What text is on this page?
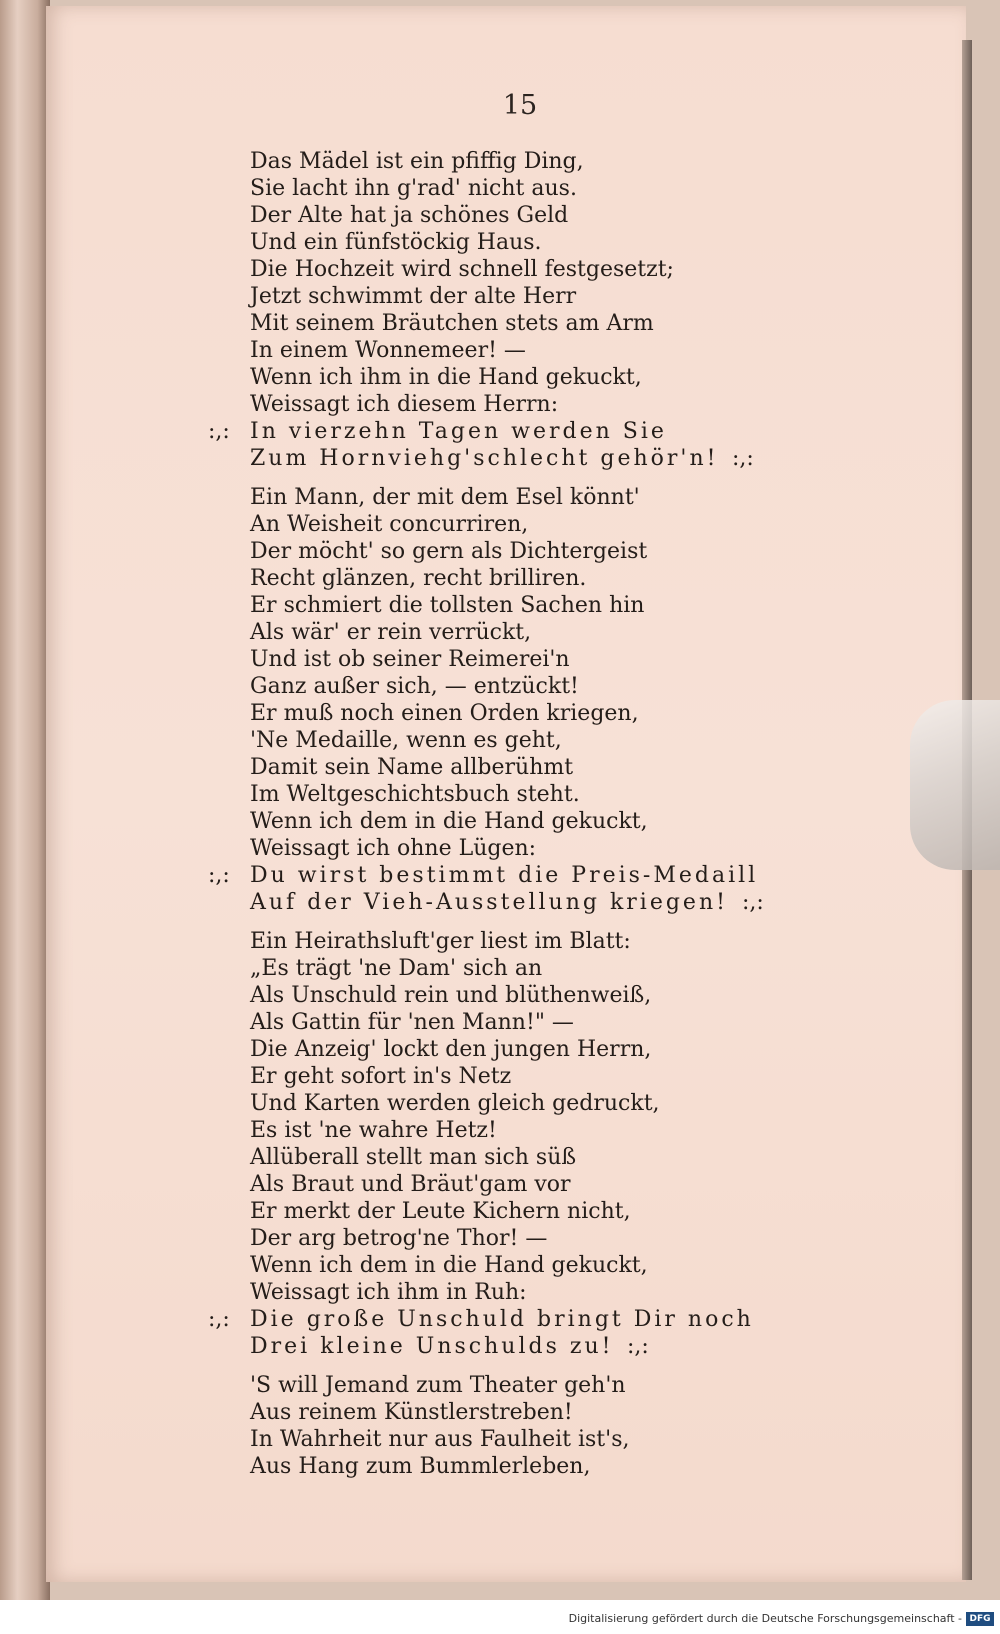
15
Das Mädel ist ein pfiffig Ding,
Sie lacht ihn g'rad' nicht aus.
Der Alte hat ja schönes Geld
Und ein fünfstöckig Haus.
Die Hochzeit wird schnell festgesetzt;
Jetzt schwimmt der alte Herr
Mit seinem Bräutchen stets am Arm
In einem Wonnemeer! —
Wenn ich ihm in die Hand gekuckt,
Weissagt ich diesem Herrn:
:,: In vierzehn Tagen werden Sie
Zum Hornviehg'schlecht gehör'n! :,:
Ein Mann, der mit dem Esel könnt'
An Weisheit concurriren,
Der möcht' so gern als Dichtergeist
Recht glänzen, recht brilliren.
Er schmiert die tollsten Sachen hin
Als wär' er rein verrückt,
Und ist ob seiner Reimerei'n
Ganz außer sich, — entzückt!
Er muß noch einen Orden kriegen,
'Ne Medaille, wenn es geht,
Damit sein Name allberühmt
Im Weltgeschichtsbuch steht.
Wenn ich dem in die Hand gekuckt,
Weissagt ich ohne Lügen:
:,: Du wirst bestimmt die Preis-Medaill
Auf der Vieh-Ausstellung kriegen! :,:
Ein Heirathsluft'ger liest im Blatt:
„Es trägt 'ne Dam' sich an
Als Unschuld rein und blüthenweiß,
Als Gattin für 'nen Mann!" —
Die Anzeig' lockt den jungen Herrn,
Er geht sofort in's Netz
Und Karten werden gleich gedruckt,
Es ist 'ne wahre Hetz!
Allüberall stellt man sich süß
Als Braut und Bräut'gam vor
Er merkt der Leute Kichern nicht,
Der arg betrog'ne Thor! —
Wenn ich dem in die Hand gekuckt,
Weissagt ich ihm in Ruh:
:,: Die große Unschuld bringt Dir noch
Drei kleine Unschulds zu! :,:
'S will Jemand zum Theater geh'n
Aus reinem Künstlerstreben!
In Wahrheit nur aus Faulheit ist's,
Aus Hang zum Bummlerleben,
Digitalisierung gefördert durch die Deutsche Forschungsgemeinschaft - DFG
